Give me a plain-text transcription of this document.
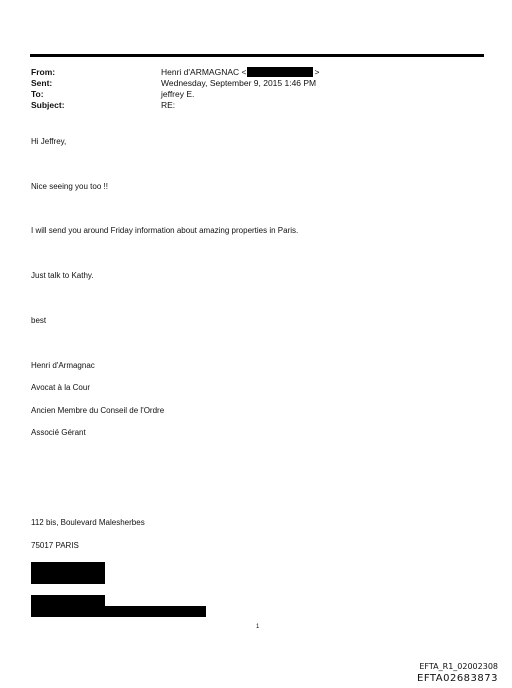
From:	Henri d'ARMAGNAC <	>
Sent:	Wednesday, September 9, 2015 1:46 PM
To:	jeffrey E.
Subject:	RE:
Hi Jeffrey,
Nice seeing you too !!
I will send you around Friday information about amazing properties in Paris.
Just talk to Kathy.
best
Henri d'Armagnac
Avocat à la Cour
Ancien Membre du Conseil de l'Ordre
Associé Gérant
112 bis, Boulevard Malesherbes
75017 PARIS
1
EFTA_R1_02002308
EFTA02683873
